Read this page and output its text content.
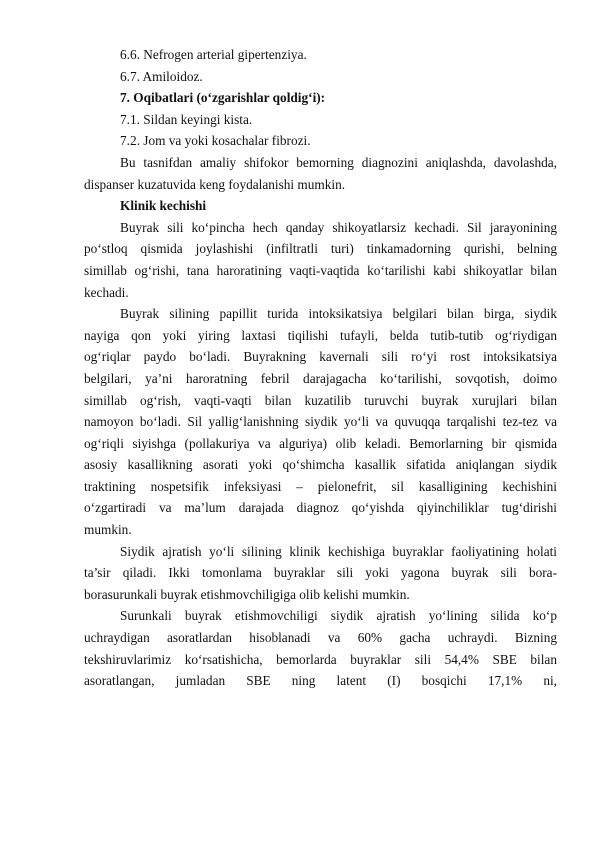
6.6. Nefrogen arterial gipertenziya.
6.7. Amiloidoz.
7. Oqibatlari (o‘zgarishlar qoldig‘i):
7.1. Sildan keyingi kista.
7.2. Jom va yoki kosachalar fibrozi.
Bu tasnifdan amaliy shifokor bemorning diagnozini aniqlashda, davolashda,
dispanser kuzatuvida keng foydalanishi mumkin.
Klinik kechishi
Buyrak sili ko‘pincha hech qanday shikoyatlarsiz kechadi. Sil jarayonining
po‘stloq qismida joylashishi (infiltratli turi) tinkamadorning qurishi, belning
simillab og‘rishi, tana haroratining vaqti-vaqtida ko‘tarilishi kabi shikoyatlar bilan
kechadi.
Buyrak silining papillit turida intoksikatsiya belgilari bilan birga, siydik
nayiga qon yoki yiring laxtasi tiqilishi tufayli, belda tutib-tutib og‘riydigan
og‘riqlar paydo bo‘ladi. Buyrakning kavernali sili ro‘yi rost intoksikatsiya
belgilari, ya’ni haroratning febril darajagacha ko‘tarilishi, sovqotish, doimo
simillab og‘rish, vaqti-vaqti bilan kuzatilib turuvchi buyrak xurujlari bilan
namoyon bo‘ladi. Sil yallig‘lanishning siydik yo‘li va quvuqqa tarqalishi tez-tez va
og‘riqli siyishga (pollakuriya va alguriya) olib keladi. Bemorlarning bir qismida
asosiy kasallikning asorati yoki qo‘shimcha kasallik sifatida aniqlangan siydik
traktining nospetsifik infeksiyasi – pielonefrit, sil kasalligining kechishini
o‘zgartiradi va ma’lum darajada diagnoz qo‘yishda qiyinchiliklar tug‘dirishi
mumkin.
Siydik ajratish yo‘li silining klinik kechishiga buyraklar faoliyatining holati
ta’sir qiladi. Ikki tomonlama buyraklar sili yoki yagona buyrak sili bora-
borasurunkali buyrak etishmovchiligiga olib kelishi mumkin.
Surunkali buyrak etishmovchiligi siydik ajratish yo‘lining silida ko‘p
uchraydigan asoratlardan hisoblanadi va 60% gacha uchraydi. Bizning
tekshiruvlarimiz ko‘rsatishicha, bemorlarda buyraklar sili 54,4% SBE bilan
asoratlangan, jumladan SBE ning latent (I) bosqichi 17,1% ni,
